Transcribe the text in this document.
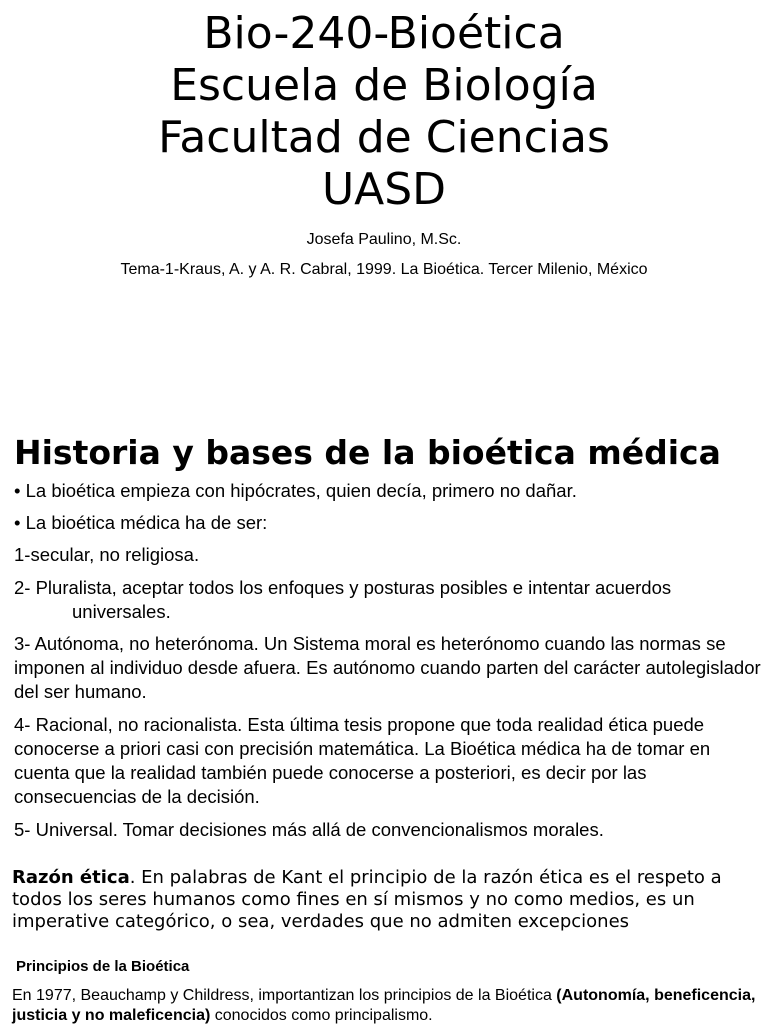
Bio-240-Bioética
Escuela de Biología
Facultad de Ciencias
UASD
Josefa Paulino, M.Sc.
Tema-1-Kraus, A. y A. R. Cabral, 1999. La Bioética. Tercer Milenio, México
Historia y bases de la bioética médica
• La bioética empieza con hipócrates, quien decía, primero no dañar.
• La bioética médica ha de ser:
1-secular, no religiosa.
2- Pluralista, aceptar todos los enfoques y posturas posibles e intentar acuerdos
universales.
3- Autónoma, no heterónoma. Un Sistema moral es heterónomo cuando las normas se imponen al individuo desde afuera. Es autónomo cuando parten del carácter autolegislador del ser humano.
4- Racional, no racionalista. Esta última tesis propone que toda realidad ética puede conocerse a priori casi con precisión matemática. La Bioética médica ha de tomar en cuenta que la realidad también puede conocerse a posteriori, es decir por las consecuencias de la decisión.
5- Universal. Tomar decisiones más allá de convencionalismos morales.
Razón ética. En palabras de Kant el principio de la razón ética es el respeto a todos los seres humanos como fines en sí mismos y no como medios, es un imperative categórico, o sea, verdades que no admiten excepciones
Principios de la Bioética
En 1977, Beauchamp y Childress, importantizan los principios de la Bioética (Autonomía, beneficencia, justicia y no maleficencia) conocidos como principalismo.
